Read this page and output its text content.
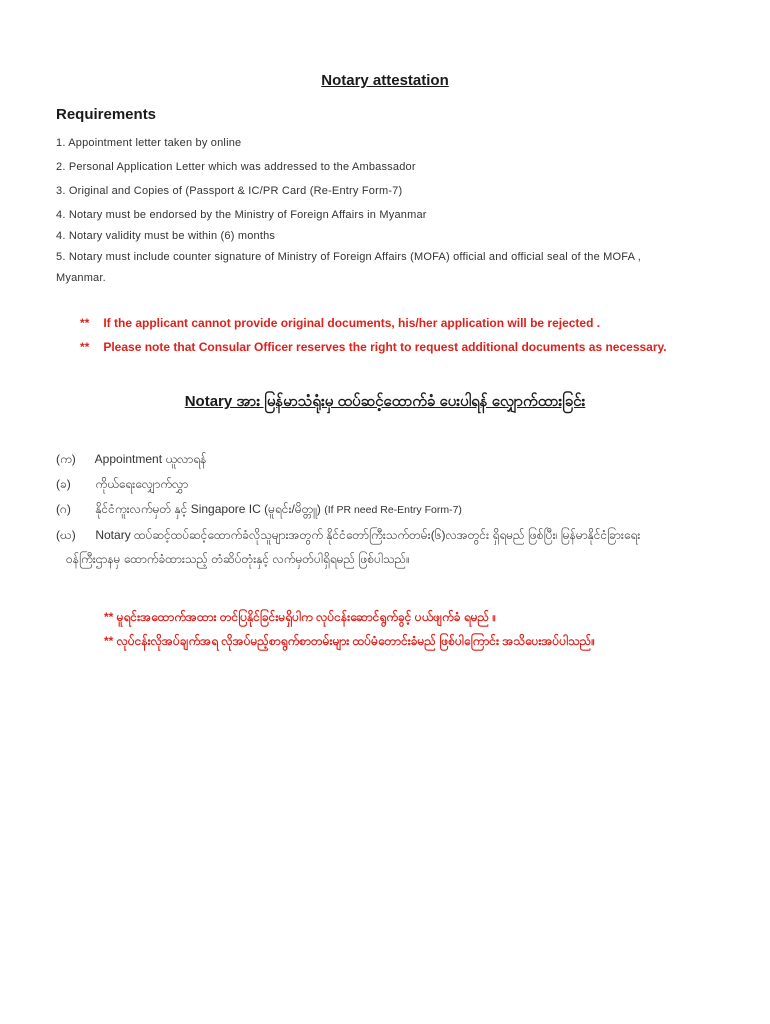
Notary attestation
Requirements
1. Appointment letter taken by online
2. Personal Application Letter which was addressed to the Ambassador
3. Original and Copies of (Passport & IC/PR Card (Re-Entry Form-7)
4. Notary must be endorsed by the Ministry of Foreign Affairs in Myanmar
4. Notary validity must be within (6) months
5. Notary must include counter signature of Ministry of Foreign Affairs (MOFA) official and official seal of the MOFA ,
Myanmar.
** If the applicant cannot provide original documents, his/her application will be rejected .
** Please note that Consular Officer reserves the right to request additional documents as necessary.
Notary အား မြန်မာသံရုံးမှ ထပ်ဆင့်ထောက်ခံ ပေးပါရန် လျှောက်ထားခြင်း
(က) Appointment ယူလာရန်
(ခ) ကိုယ်ရေးလျှောက်လွှာ
(ဂ) နိုင်ငံကူးလက်မှတ် နှင့် Singapore IC (မူရင်း/မိတ္တူ) (If PR need Re-Entry Form-7)
(ဃ) Notary ထပ်ဆင့်ထပ်ဆင့်ထောက်ခံလိုသူများအတွက် နိုင်ငံတော်ကြီးသက်တမ်း(၆)လအတွင်း ရှိရမည် ဖြစ်ပြီး၊ မြန်မာနိုင်ငံခြားရေး
ဝန်ကြီးဌာနမှ ထောက်ခံထားသည့် တံဆိပ်တုံးနှင့် လက်မှတ်ပါရှိရမည် ဖြစ်ပါသည်။
** မူရင်းအထောက်အထား တင်ပြနိုင်ခြင်းမရှိပါက လုပ်ငန်းဆောင်ရွက်ခွင့် ပယ်ဖျက်ခံ ရမည် ။
** လုပ်ငန်းလိုအပ်ချက်အရ လိုအပ်မည့်စာရွက်စာတမ်းများ ထပ်မံတောင်းခံမည် ဖြစ်ပါကြောင်း အသိပေးအပ်ပါသည်။
